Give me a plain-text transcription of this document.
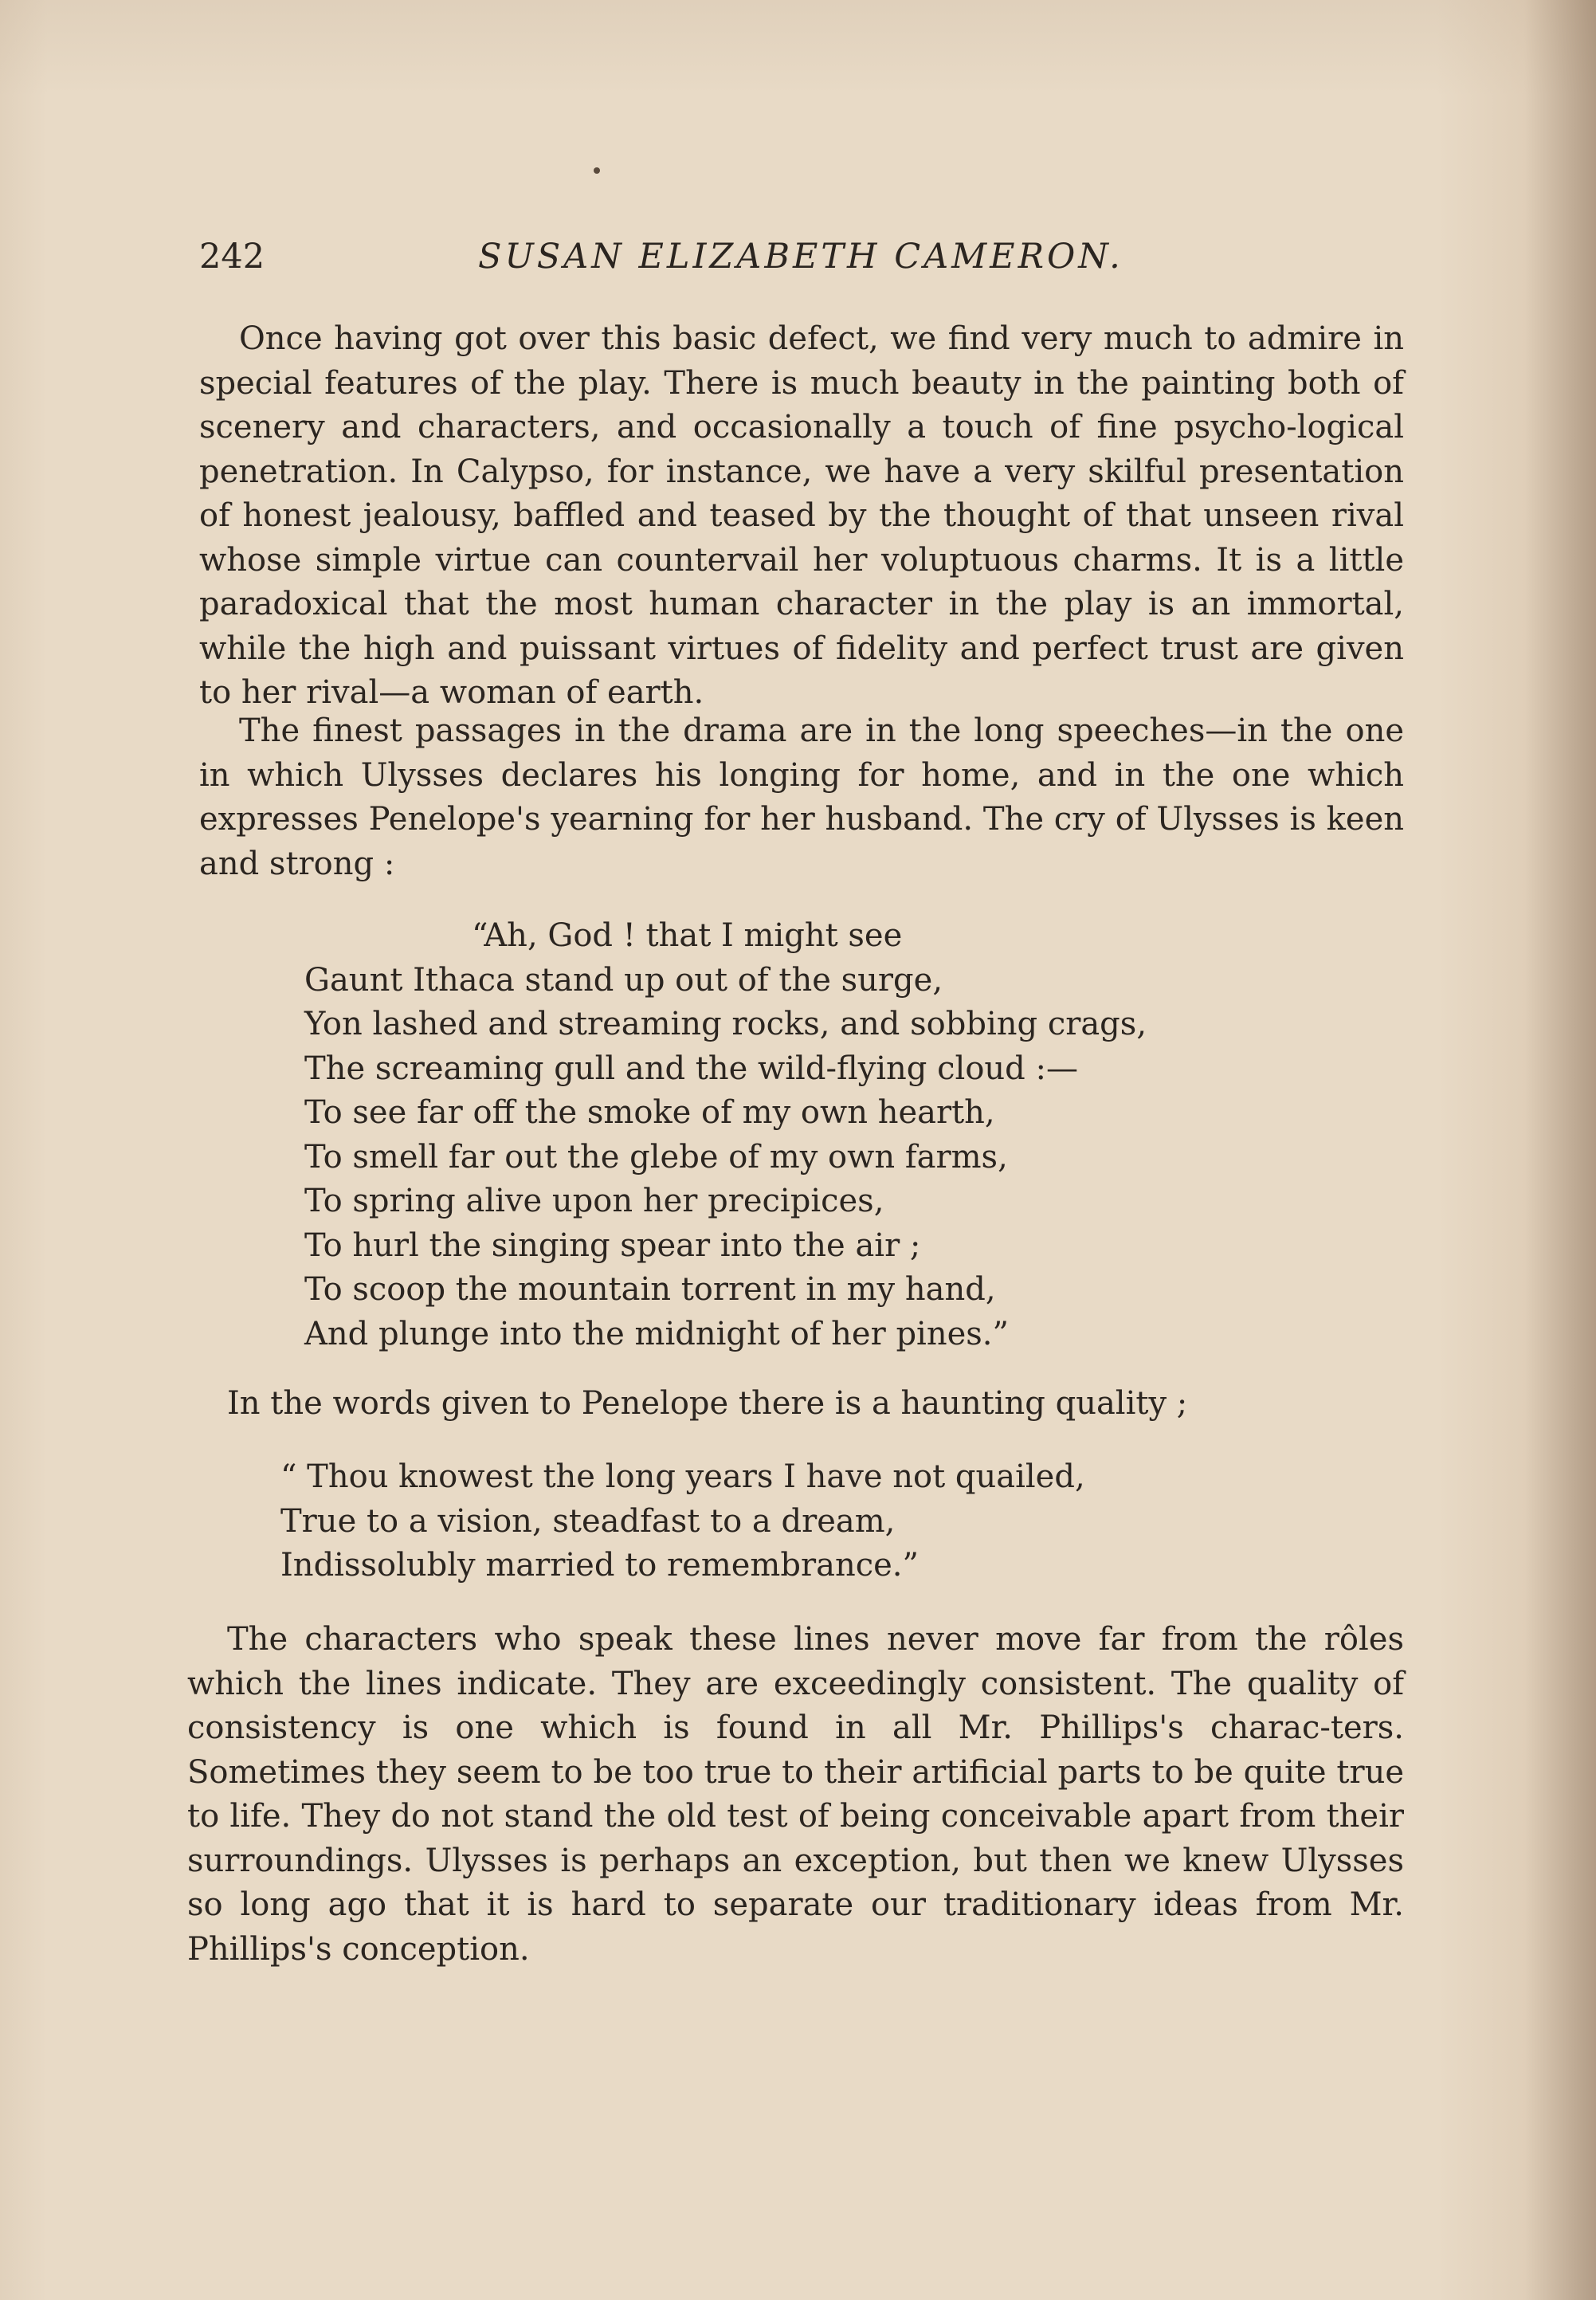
242	SUSAN ELIZABETH CAMERON.

Once having got over this basic defect, we find very much to admire in special features of the play. There is much beauty in the painting both of scenery and characters, and occasionally a touch of fine psycho-logical penetration. In Calypso, for instance, we have a very skilful presentation of honest jealousy, baffled and teased by the thought of that unseen rival whose simple virtue can countervail her voluptuous charms. It is a little paradoxical that the most human character in the play is an immortal, while the high and puissant virtues of fidelity and perfect trust are given to her rival—a woman of earth.

The finest passages in the drama are in the long speeches—in the one in which Ulysses declares his longing for home, and in the one which expresses Penelope's yearning for her husband. The cry of Ulysses is keen and strong :

“Ah, God ! that I might see
Gaunt Ithaca stand up out of the surge,
Yon lashed and streaming rocks, and sobbing crags,
The screaming gull and the wild-flying cloud :—
To see far off the smoke of my own hearth,
To smell far out the glebe of my own farms,
To spring alive upon her precipices,
To hurl the singing spear into the air ;
To scoop the mountain torrent in my hand,
And plunge into the midnight of her pines.”

In the words given to Penelope there is a haunting quality ;

“ Thou knowest the long years I have not quailed,
True to a vision, steadfast to a dream,
Indissolubly married to remembrance.”

The characters who speak these lines never move far from the rôles which the lines indicate. They are exceedingly consistent. The quality of consistency is one which is found in all Mr. Phillips's charac-ters. Sometimes they seem to be too true to their artificial parts to be quite true to life. They do not stand the old test of being conceivable apart from their surroundings. Ulysses is perhaps an exception, but then we knew Ulysses so long ago that it is hard to separate our traditionary ideas from Mr. Phillips's conception.
